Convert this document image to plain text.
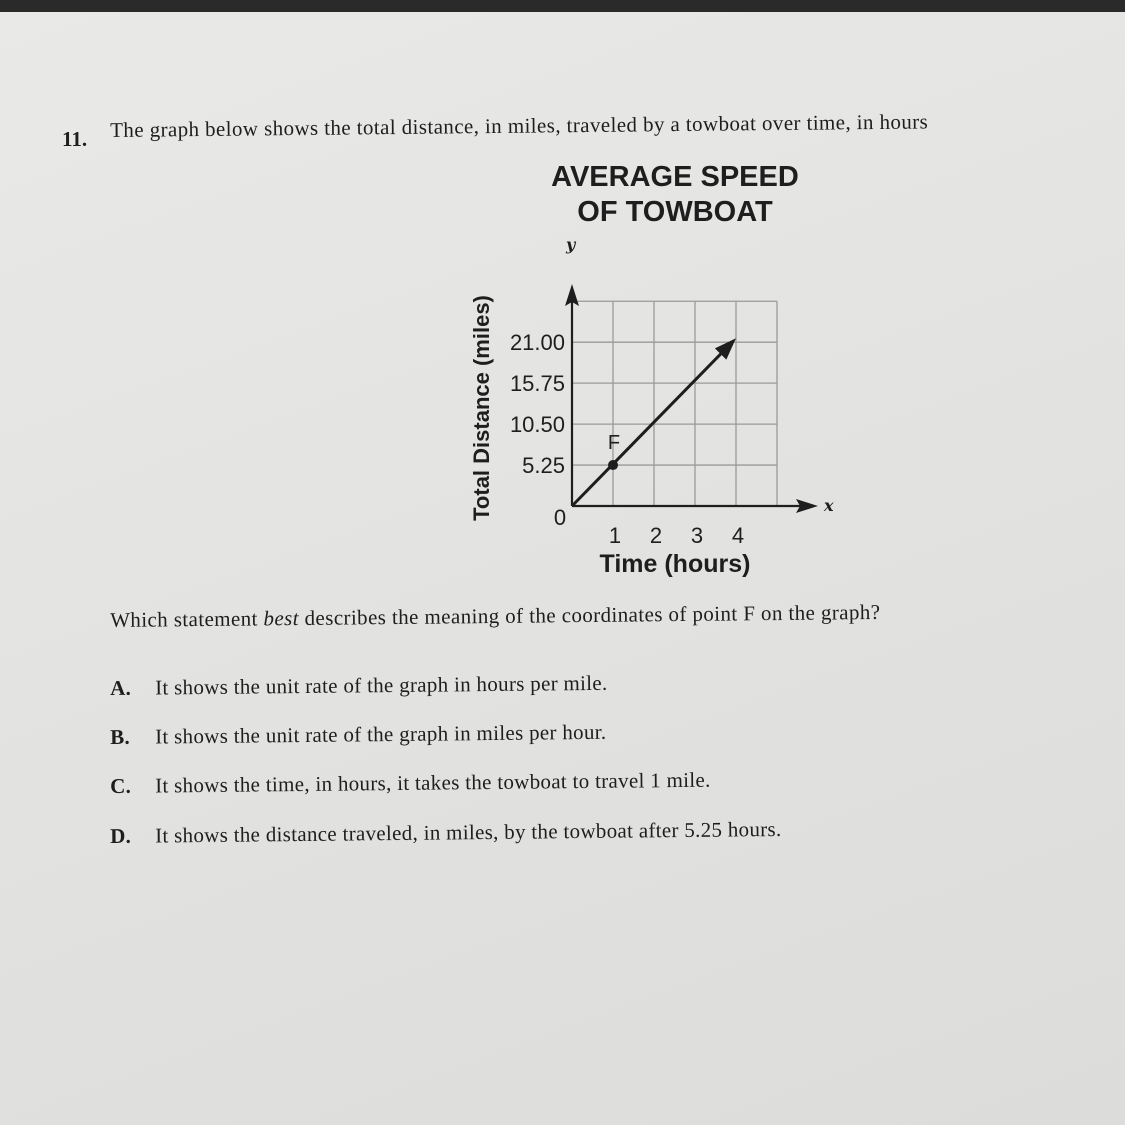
11. The graph below shows the total distance, in miles, traveled by a towboat over time, in hours
AVERAGE SPEED
OF TOWBOAT
1 2 3 4
5.25
10.50
15.75
21.00
F
Total Distance (miles)
Time (hours)
x
y
0
Which statement best describes the meaning of the coordinates of point F on the graph?
A. It shows the unit rate of the graph in hours per mile.
B. It shows the unit rate of the graph in miles per hour.
C. It shows the time, in hours, it takes the towboat to travel 1 mile.
D. It shows the distance traveled, in miles, by the towboat after 5.25 hours.
